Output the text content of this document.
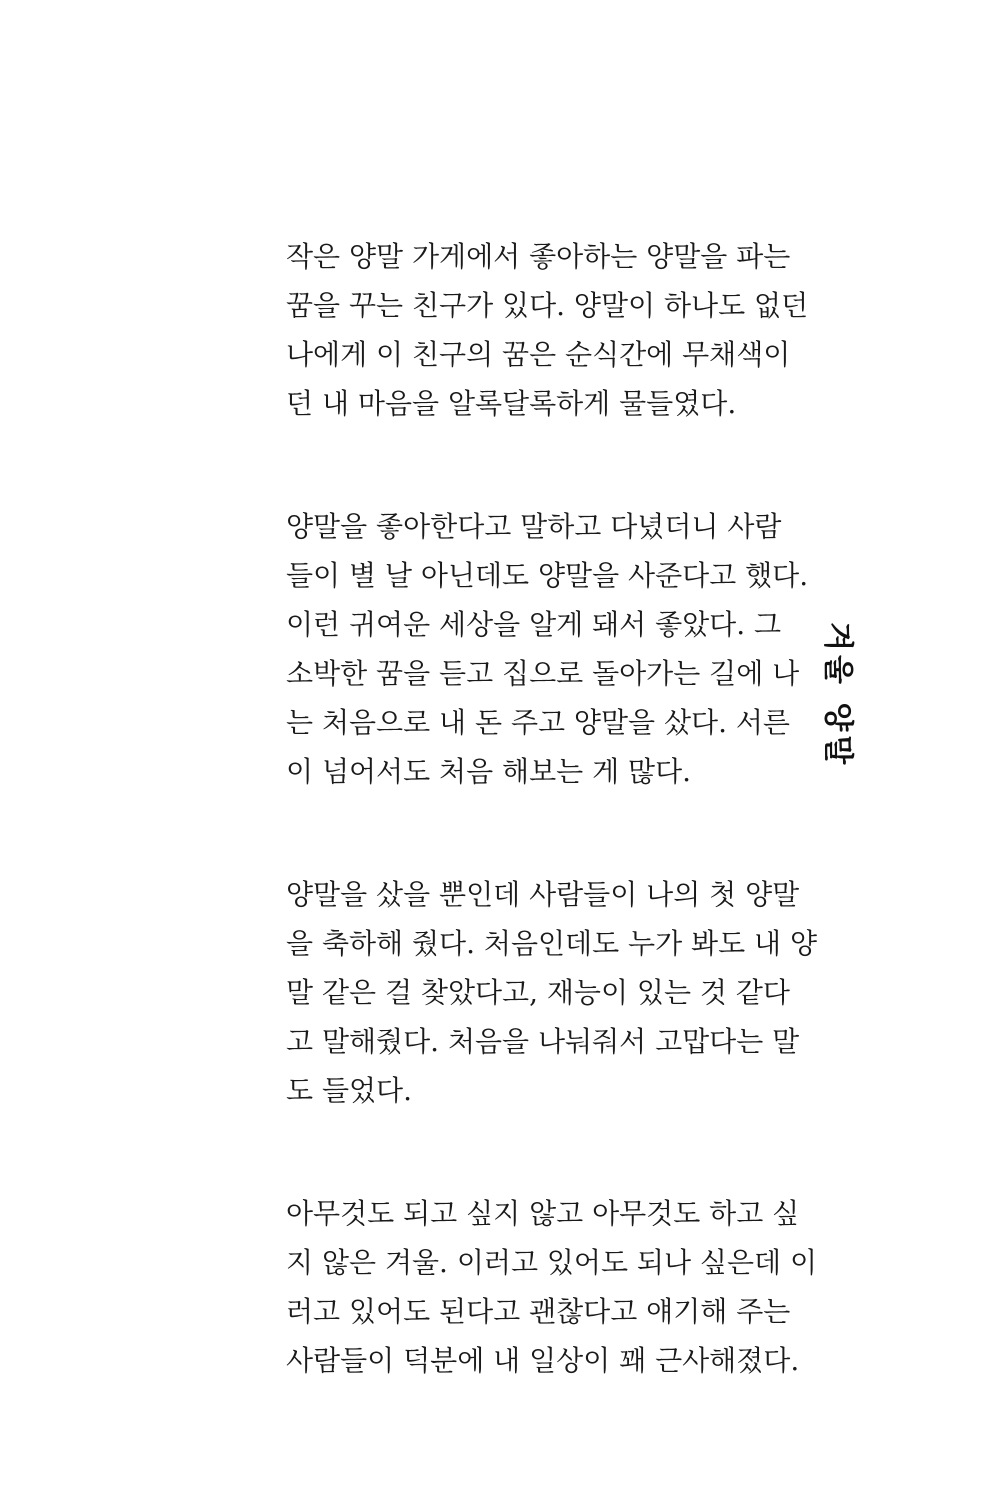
작은 양말 가게에서 좋아하는 양말을 파는
꿈을 꾸는 친구가 있다. 양말이 하나도 없던
나에게 이 친구의 꿈은 순식간에 무채색이
던 내 마음을 알록달록하게 물들였다.
양말을 좋아한다고 말하고 다녔더니 사람
들이 별 날 아닌데도 양말을 사준다고 했다.
이런 귀여운 세상을 알게 돼서 좋았다. 그
소박한 꿈을 듣고 집으로 돌아가는 길에 나
는 처음으로 내 돈 주고 양말을 샀다. 서른
이 넘어서도 처음 해보는 게 많다.
양말을 샀을 뿐인데 사람들이 나의 첫 양말
을 축하해 줬다. 처음인데도 누가 봐도 내 양
말 같은 걸 찾았다고, 재능이 있는 것 같다
고 말해줬다. 처음을 나눠줘서 고맙다는 말
도 들었다.
아무것도 되고 싶지 않고 아무것도 하고 싶
지 않은 겨울. 이러고 있어도 되나 싶은데 이
러고 있어도 된다고 괜찮다고 얘기해 주는
사람들이 덕분에 내 일상이 꽤 근사해졌다.
겨울 양말
